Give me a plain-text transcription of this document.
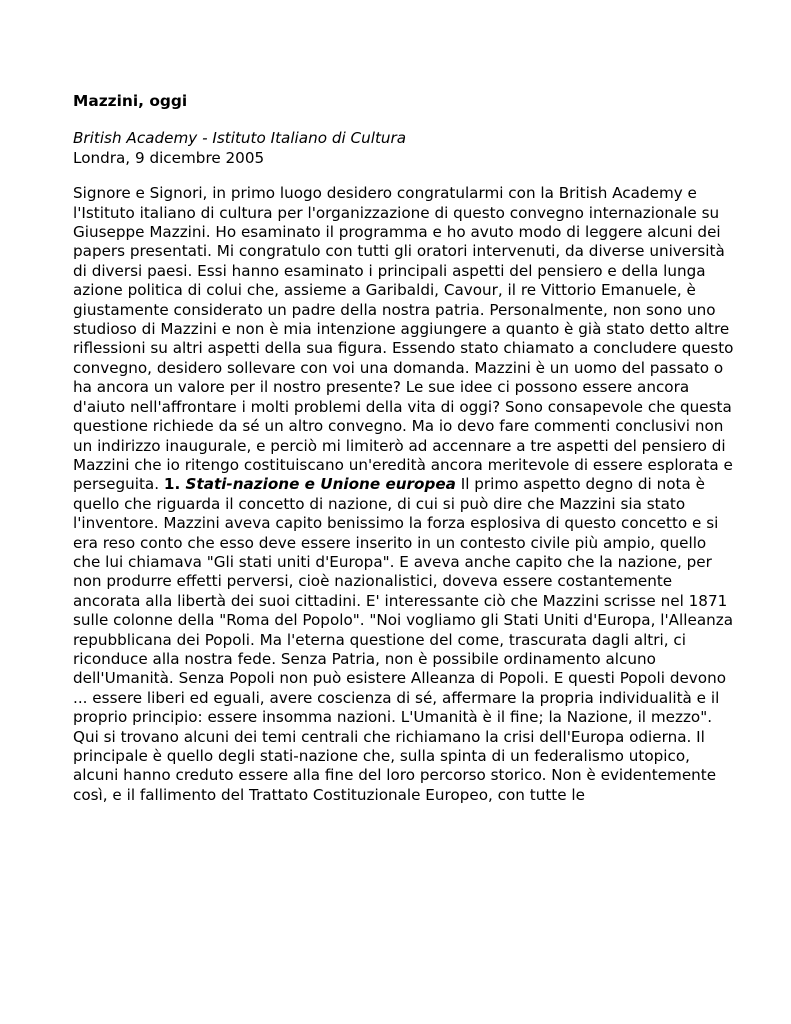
Mazzini, oggi

British Academy - Istituto Italiano di Cultura

Londra, 9 dicembre 2005

Signore e Signori, in primo luogo desidero congratularmi con la British Academy e l'Istituto italiano di cultura per l'organizzazione di questo convegno internazionale su Giuseppe Mazzini. Ho esaminato il programma e ho avuto modo di leggere alcuni dei papers presentati. Mi congratulo con tutti gli oratori intervenuti, da diverse università di diversi paesi. Essi hanno esaminato i principali aspetti del pensiero e della lunga azione politica di colui che, assieme a Garibaldi, Cavour, il re Vittorio Emanuele, è giustamente considerato un padre della nostra patria. Personalmente, non sono uno studioso di Mazzini e non è mia intenzione aggiungere a quanto è già stato detto altre riflessioni su altri aspetti della sua figura. Essendo stato chiamato a concludere questo convegno, desidero sollevare con voi una domanda. Mazzini è un uomo del passato o ha ancora un valore per il nostro presente? Le sue idee ci possono essere ancora d'aiuto nell'affrontare i molti problemi della vita di oggi? Sono consapevole che questa questione richiede da sé un altro convegno. Ma io devo fare commenti conclusivi non un indirizzo inaugurale, e perciò mi limiterò ad accennare a tre aspetti del pensiero di Mazzini che io ritengo costituiscano un'eredità ancora meritevole di essere esplorata e perseguita. 1. Stati-nazione e Unione europea Il primo aspetto degno di nota è quello che riguarda il concetto di nazione, di cui si può dire che Mazzini sia stato l'inventore. Mazzini aveva capito benissimo la forza esplosiva di questo concetto e si era reso conto che esso deve essere inserito in un contesto civile più ampio, quello che lui chiamava "Gli stati uniti d'Europa". E aveva anche capito che la nazione, per non produrre effetti perversi, cioè nazionalistici, doveva essere costantemente ancorata alla libertà dei suoi cittadini. E' interessante ciò che Mazzini scrisse nel 1871 sulle colonne della "Roma del Popolo". "Noi vogliamo gli Stati Uniti d'Europa, l'Alleanza repubblicana dei Popoli. Ma l'eterna questione del come, trascurata dagli altri, ci riconduce alla nostra fede. Senza Patria, non è possibile ordinamento alcuno dell'Umanità. Senza Popoli non può esistere Alleanza di Popoli. E questi Popoli devono ... essere liberi ed eguali, avere coscienza di sé, affermare la propria individualità e il proprio principio: essere insomma nazioni. L'Umanità è il fine; la Nazione, il mezzo". Qui si trovano alcuni dei temi centrali che richiamano la crisi dell'Europa odierna. Il principale è quello degli stati-nazione che, sulla spinta di un federalismo utopico, alcuni hanno creduto essere alla fine del loro percorso storico. Non è evidentemente così, e il fallimento del Trattato Costituzionale Europeo, con tutte le
